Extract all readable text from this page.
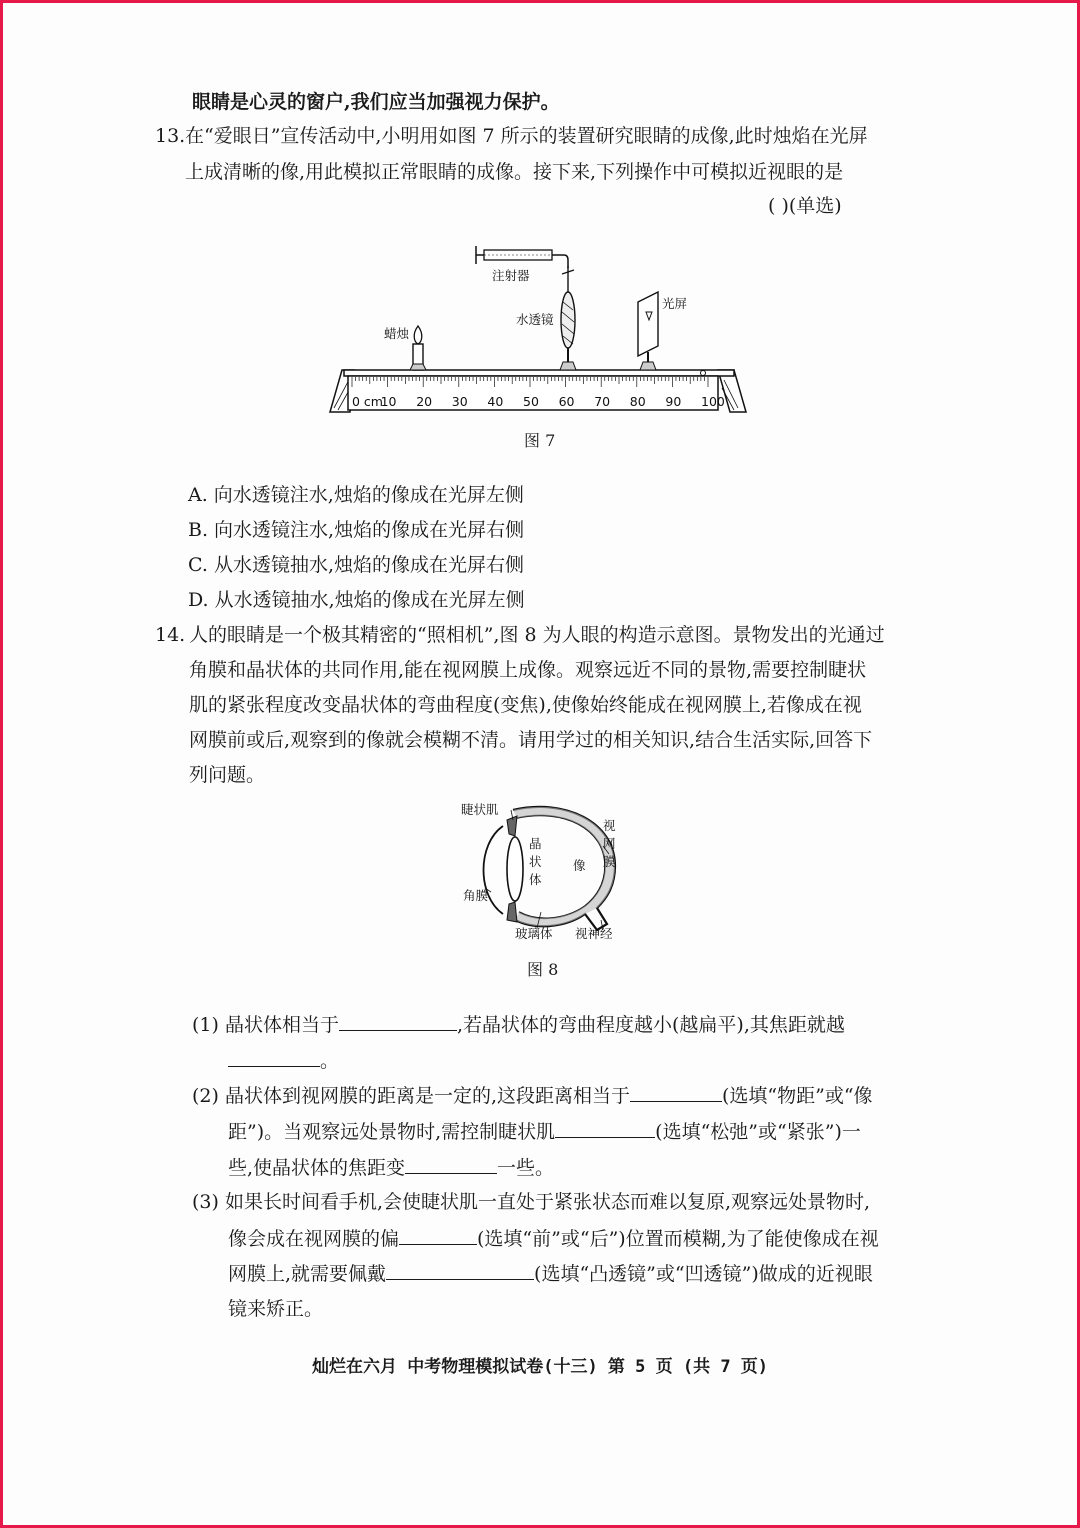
眼睛是心灵的窗户,我们应当加强视力保护。
13. 在“爱眼日”宣传活动中,小明用如图 7 所示的装置研究眼睛的成像,此时烛焰在光屏
上成清晰的像,用此模拟正常眼睛的成像。接下来,下列操作中可模拟近视眼的是
( )(单选)
0 cm
10 20 30 40 50 60 70 80 90 100
蜡烛
注射器
水透镜
光屏
图 7
A. 向水透镜注水,烛焰的像成在光屏左侧
B. 向水透镜注水,烛焰的像成在光屏右侧
C. 从水透镜抽水,烛焰的像成在光屏右侧
D. 从水透镜抽水,烛焰的像成在光屏左侧
14. 人的眼睛是一个极其精密的“照相机”,图 8 为人眼的构造示意图。景物发出的光通过
角膜和晶状体的共同作用,能在视网膜上成像。观察远近不同的景物,需要控制睫状
肌的紧张程度改变晶状体的弯曲程度(变焦),使像始终能成在视网膜上,若像成在视
网膜前或后,观察到的像就会模糊不清。请用学过的相关知识,结合生活实际,回答下
列问题。
睫状肌
晶
状
体
像
视
网
膜
角膜
玻璃体 视神经
图 8
(1) 晶状体相当于	,若晶状体的弯曲程度越小(越扁平),其焦距就越
。
(2) 晶状体到视网膜的距离是一定的,这段距离相当于	(选填“物距”或“像
距”)。当观察远处景物时,需控制睫状肌	(选填“松弛”或“紧张”)一
些,使晶状体的焦距变	一些。
(3) 如果长时间看手机,会使睫状肌一直处于紧张状态而难以复原,观察远处景物时,
像会成在视网膜的偏	(选填“前”或“后”)位置而模糊,为了能使像成在视
网膜上,就需要佩戴	(选填“凸透镜”或“凹透镜”)做成的近视眼
镜来矫正。
灿烂在六月 中考物理模拟试卷(十三) 第 5 页 (共 7 页)
